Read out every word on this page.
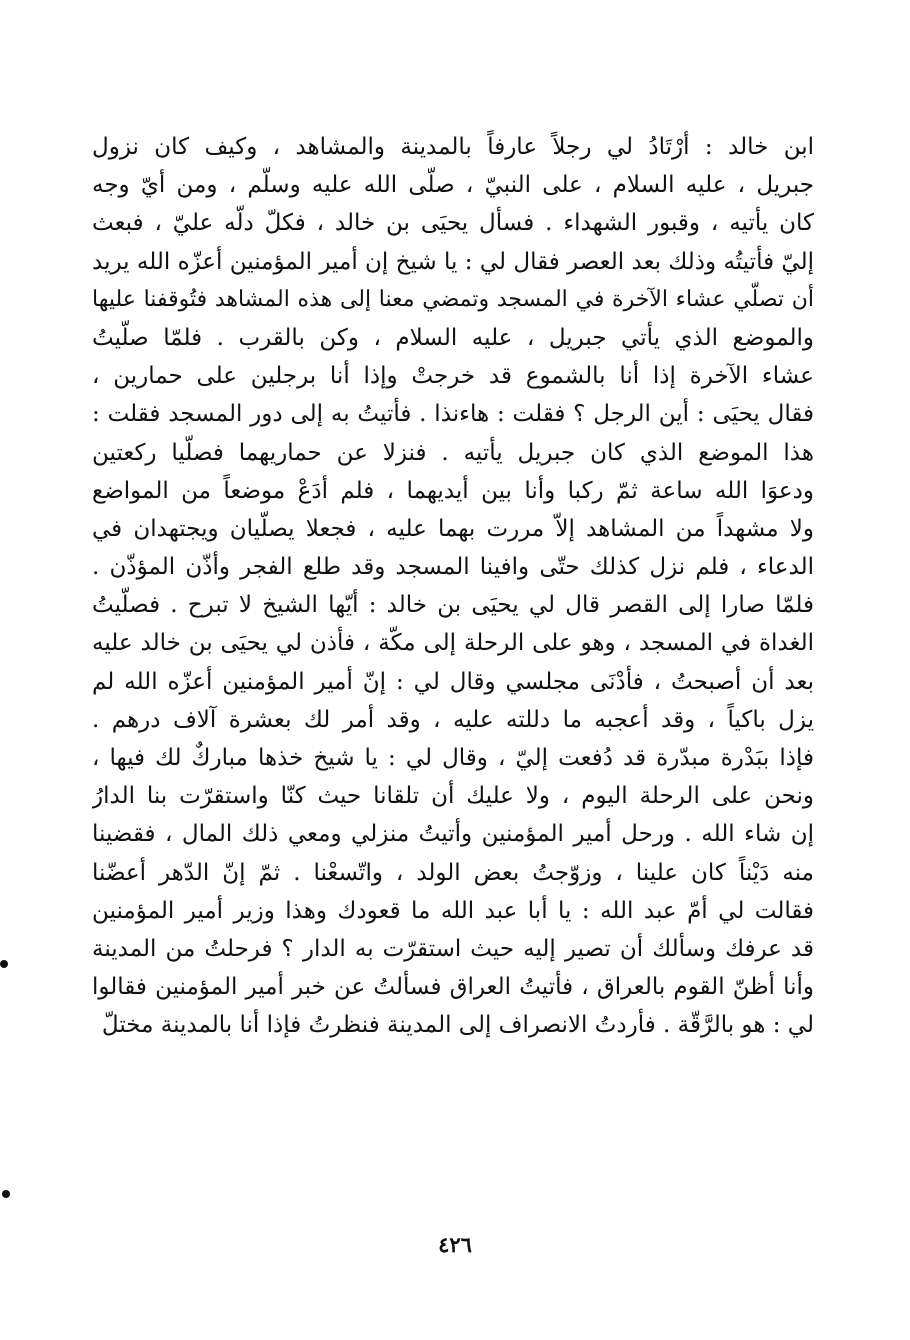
ابن خالد : أرْتَادُ لي رجلاً عارفاً بالمدينة والمشاهد ، وكيف كان نزول
جبريل ، عليه السلام ، على النبيّ ، صلّى الله عليه وسلّم ، ومن أيّ وجه
كان يأتيه ، وقبور الشهداء . فسأل يحيَى بن خالد ، فكلّ دلّه عليّ ، فبعث
إليّ فأتيتُه وذلك بعد العصر فقال لي : يا شيخ إن أمير المؤمنين أعزّه الله يريد
أن تصلّي عشاء الآخرة في المسجد وتمضي معنا إلى هذه المشاهد فتُوقفنا عليها
والموضع الذي يأتي جبريل ، عليه السلام ، وكن بالقرب . فلمّا صلّيتُ
عشاء الآخرة إذا أنا بالشموع قد خرجتْ وإذا أنا برجلين على حمارين ،
فقال يحيَى : أين الرجل ؟ فقلت : هاءنذا . فأتيتُ به إلى دور المسجد فقلت :
هذا الموضع الذي كان جبريل يأتيه . فنزلا عن حماريهما فصلّيا ركعتين
ودعوَا الله ساعة ثمّ ركبا وأنا بين أيديهما ، فلم أدَعْ موضعاً من المواضع
ولا مشهداً من المشاهد إلاّ مررت بهما عليه ، فجعلا يصلّيان ويجتهدان في
الدعاء ، فلم نزل كذلك حتّى وافينا المسجد وقد طلع الفجر وأذّن المؤذّن .
فلمّا صارا إلى القصر قال لي يحيَى بن خالد : أيّها الشيخ لا تبرح . فصلّيتُ
الغداة في المسجد ، وهو على الرحلة إلى مكّة ، فأذن لي يحيَى بن خالد عليه
بعد أن أصبحتُ ، فأدْنَى مجلسي وقال لي : إنّ أمير المؤمنين أعزّه الله لم
يزل باكياً ، وقد أعجبه ما دللته عليه ، وقد أمر لك بعشرة آلاف درهم .
فإذا ببَدْرة مبدّرة قد دُفعت إليّ ، وقال لي : يا شيخ خذها مباركٌ لك فيها ،
ونحن على الرحلة اليوم ، ولا عليك أن تلقانا حيث كنّا واستقرّت بنا الدارُ
إن شاء الله . ورحل أمير المؤمنين وأتيتُ منزلي ومعي ذلك المال ، فقضينا
منه دَيْناً كان علينا ، وزوّجتُ بعض الولد ، واتّسعْنا . ثمّ إنّ الدّهر أعضّنا
فقالت لي أمّ عبد الله : يا أبا عبد الله ما قعودك وهذا وزير أمير المؤمنين
قد عرفك وسألك أن تصير إليه حيث استقرّت به الدار ؟ فرحلتُ من المدينة
وأنا أظنّ القوم بالعراق ، فأتيتُ العراق فسألتُ عن خبر أمير المؤمنين فقالوا
لي : هو بالرَّقّة . فأردتُ الانصراف إلى المدينة فنظرتُ فإذا أنا بالمدينة مختلّ
٤٢٦
